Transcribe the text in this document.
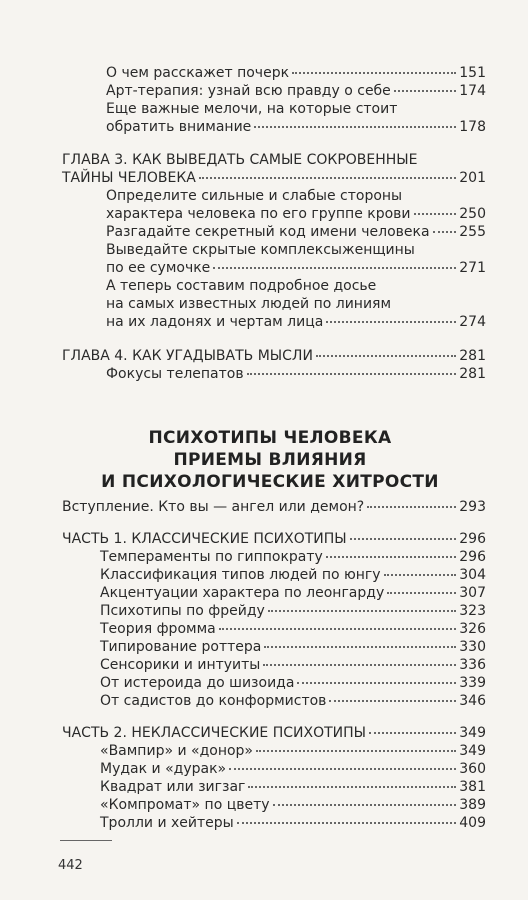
О чем расскажет почерк	151
Арт-терапия: узнай всю правду о себе	174
Еще важные мелочи, на которые стоит
обратить внимание	178
ГЛАВА 3. КАК ВЫВЕДАТЬ САМЫЕ СОКРОВЕННЫЕ
ТАЙНЫ ЧЕЛОВЕКА	201
Определите сильные и слабые стороны
характера человека по его группе крови	250
Разгадайте секретный код имени человека 255
Выведайте скрытые комплексыженщины
по ее сумочке	271
А теперь составим подробное досье
на самых известных людей по линиям
на их ладонях и чертам лица	274
ГЛАВА 4. КАК УГАДЫВАТЬ МЫСЛИ	281
Фокусы телепатов	281
ПСИХОТИПЫ ЧЕЛОВЕКА
ПРИЕМЫ ВЛИЯНИЯ
И ПСИХОЛОГИЧЕСКИЕ ХИТРОСТИ
Вступление. Кто вы — ангел или демон?	293
ЧАСТЬ 1. КЛАССИЧЕСКИЕ ПСИХОТИПЫ	296
Темпераменты по гиппократу	296
Классификация типов людей по юнгу	304
Акцентуации характера по леонгарду	307
Психотипы по фрейду	323
Теория фромма	326
Типирование роттера	330
Сенсорики и интуиты	336
От истероида до шизоида	339
От садистов до конформистов	346
ЧАСТЬ 2. НЕКЛАССИЧЕСКИЕ ПСИХОТИПЫ	349
«Вампир» и «донор»	349
Мудак и «дурак»	360
Квадрат или зигзаг	381
«Компромат» по цвету	389
Тролли и хейтеры	409
442
